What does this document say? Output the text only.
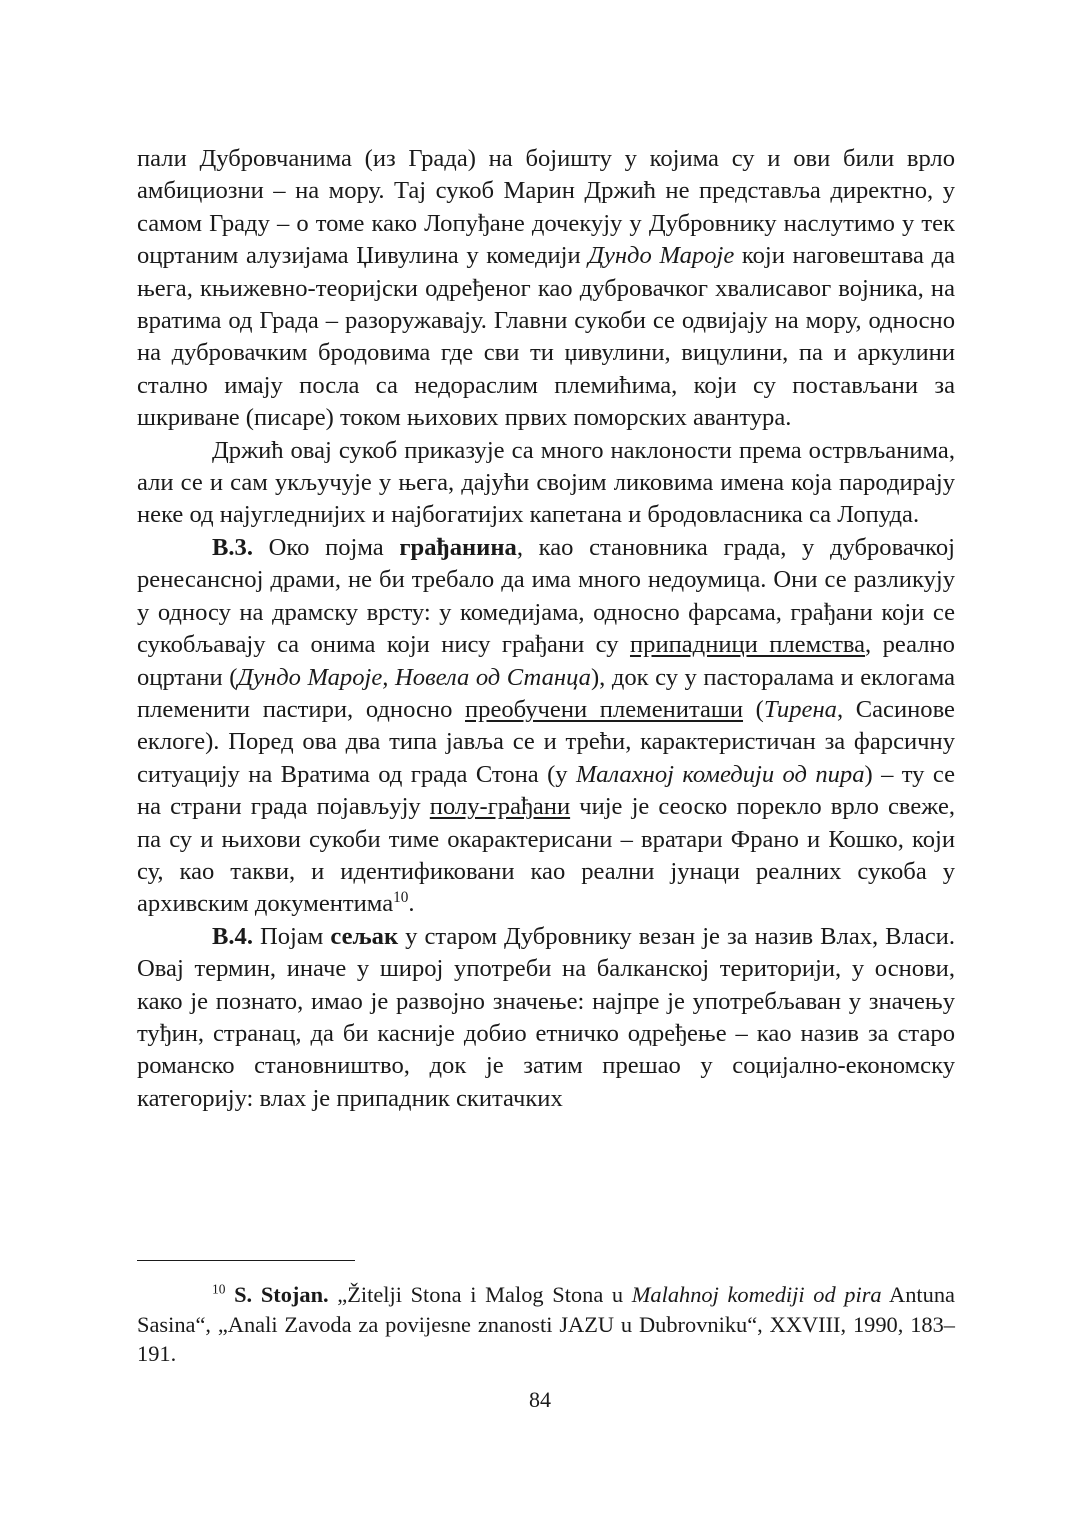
пали Дубровчанима (из Града) на бојишту у којима су и ови били врло амбициозни – на мору. Тај сукоб Марин Држић не представља директно, у самом Граду – о томе како Лопуђане дочекују у Дубровнику наслутимо у тек оцртаним алузијама Џивулина у комедији Дундо Мароје који наговештава да њега, књижевно-теоријски одређеног као дубровачког хвалисавог војника, на вратима од Града – разоружавају. Главни сукоби се одвијају на мору, односно на дубровачким бродовима где сви ти џивулини, вицулини, па и аркулини стално имају посла са недораслим племићима, који су постављани за шкриване (писаре) током њихових првих поморских авантура.

Држић овај сукоб приказује са много наклоности према острвљанима, али се и сам укључује у њега, дајући својим ликовима имена која пародирају неке од најугледнијих и најбогатијих капетана и бродовласника са Лопуда.

В.3. Око појма грађанина, као становника града, у дубровачкој ренесансној драми, не би требало да има много недоумица. Они се разликују у односу на драмску врсту: у комедијама, односно фарсама, грађани који се сукобљавају са онима који нису грађани су припадници племства, реално оцртани (Дундо Мароје, Новела од Станца), док су у пасторалама и еклогама племенити пастири, односно преобучени племениташи (Тирена, Сасинове еклоге). Поред ова два типа јавља се и трећи, карактеристичан за фарсичну ситуацију на Вратима од града Стона (у Малахној комедији од пира) – ту се на страни града појављују полу-грађани чије је сеоско порекло врло свеже, па су и њихови сукоби тиме окарактерисани – вратари Франо и Кошко, који су, као такви, и идентификовани као реални јунаци реалних сукоба у архивским документима$^{10}$.

В.4. Појам сељак у старом Дубровнику везан је за назив Влах, Власи. Овај термин, иначе у широј употреби на балканској територији, у основи, како је познато, имао је развојно значење: најпре је употребљаван у значењу туђин, странац, да би касније добио етничко одређење – као назив за старо романско становништво, док је затим прешао у социјално-економску категорију: влах је припадник скитачких

$^{10}$ S. Stojan. „Žitelji Stona i Malog Stona u Malahnoj komediji od pira Antuna Sasina“, „Anali Zavoda za povijesne znanosti JAZU u Dubrovniku“, XXVIII, 1990, 183–191.

84
